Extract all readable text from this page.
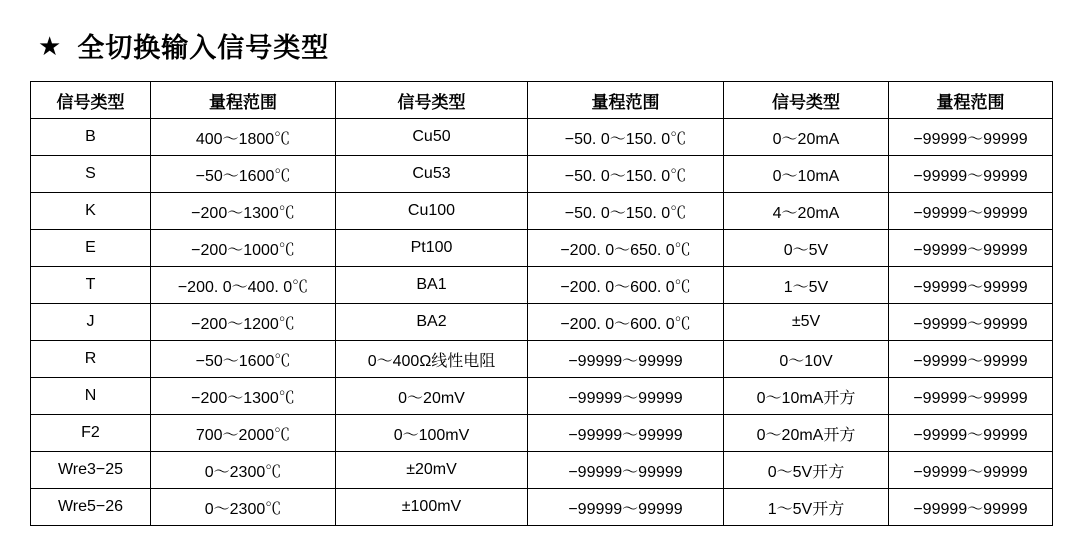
★ 全切换输入信号类型
信号类型	量程范围	信号类型	量程范围	信号类型	量程范围
B	400～1800℃	Cu50	−50. 0～150. 0℃	0～20mA	−99999～99999
S	−50～1600℃	Cu53	−50. 0～150. 0℃	0～10mA	−99999～99999
K	−200～1300℃	Cu100	−50. 0～150. 0℃	4～20mA	−99999～99999
E	−200～1000℃	Pt100	−200. 0～650. 0℃	0～5V	−99999～99999
T	−200. 0～400. 0℃	BA1	−200. 0～600. 0℃	1～5V	−99999～99999
J	−200～1200℃	BA2	−200. 0～600. 0℃	±5V	−99999～99999
R	−50～1600℃	0～400Ω线性电阻	−99999～99999	0～10V	−99999～99999
N	−200～1300℃	0～20mV	−99999～99999	0～10mA开方	−99999～99999
F2	700～2000℃	0～100mV	−99999～99999	0～20mA开方	−99999～99999
Wre3−25	0～2300℃	±20mV	−99999～99999	0～5V开方	−99999～99999
Wre5−26	0～2300℃	±100mV	−99999～99999	1～5V开方	−99999～99999
